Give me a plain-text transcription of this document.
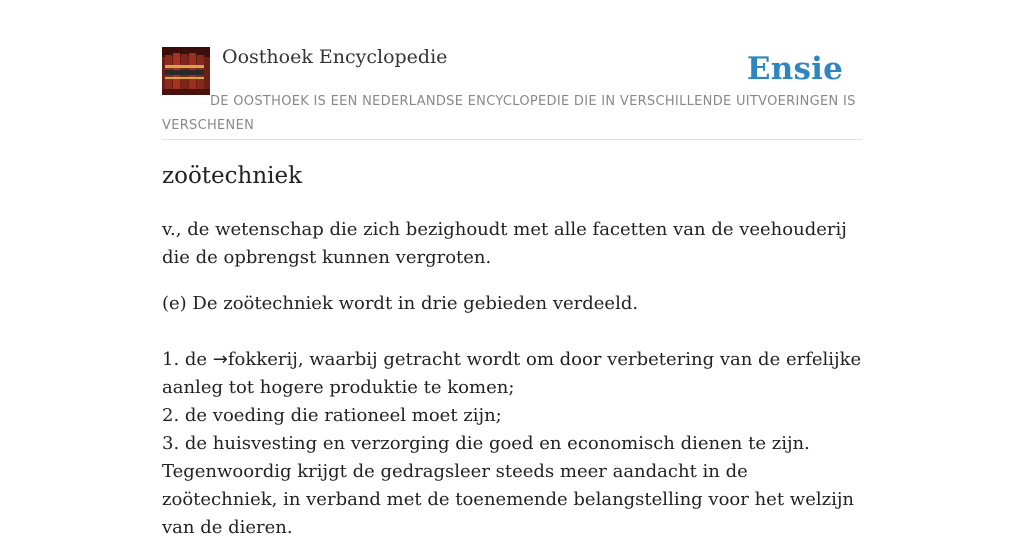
Oosthoek Encyclopedie	Ensie
DE OOSTHOEK IS EEN NEDERLANDSE ENCYCLOPEDIE DIE IN VERSCHILLENDE UITVOERINGEN IS VERSCHENEN
zoötechniek

v., de wetenschap die zich bezighoudt met alle facetten van de veehouderij die de opbrengst kunnen vergroten.

(e) De zoötechniek wordt in drie gebieden verdeeld.
1. de →fokkerij, waarbij getracht wordt om door verbetering van de erfelijke aanleg tot hogere produktie te komen;
2. de voeding die rationeel moet zijn;
3. de huisvesting en verzorging die goed en economisch dienen te zijn.
Tegenwoordig krijgt de gedragsleer steeds meer aandacht in de zoötechniek, in verband met de toenemende belangstelling voor het welzijn van de dieren.
